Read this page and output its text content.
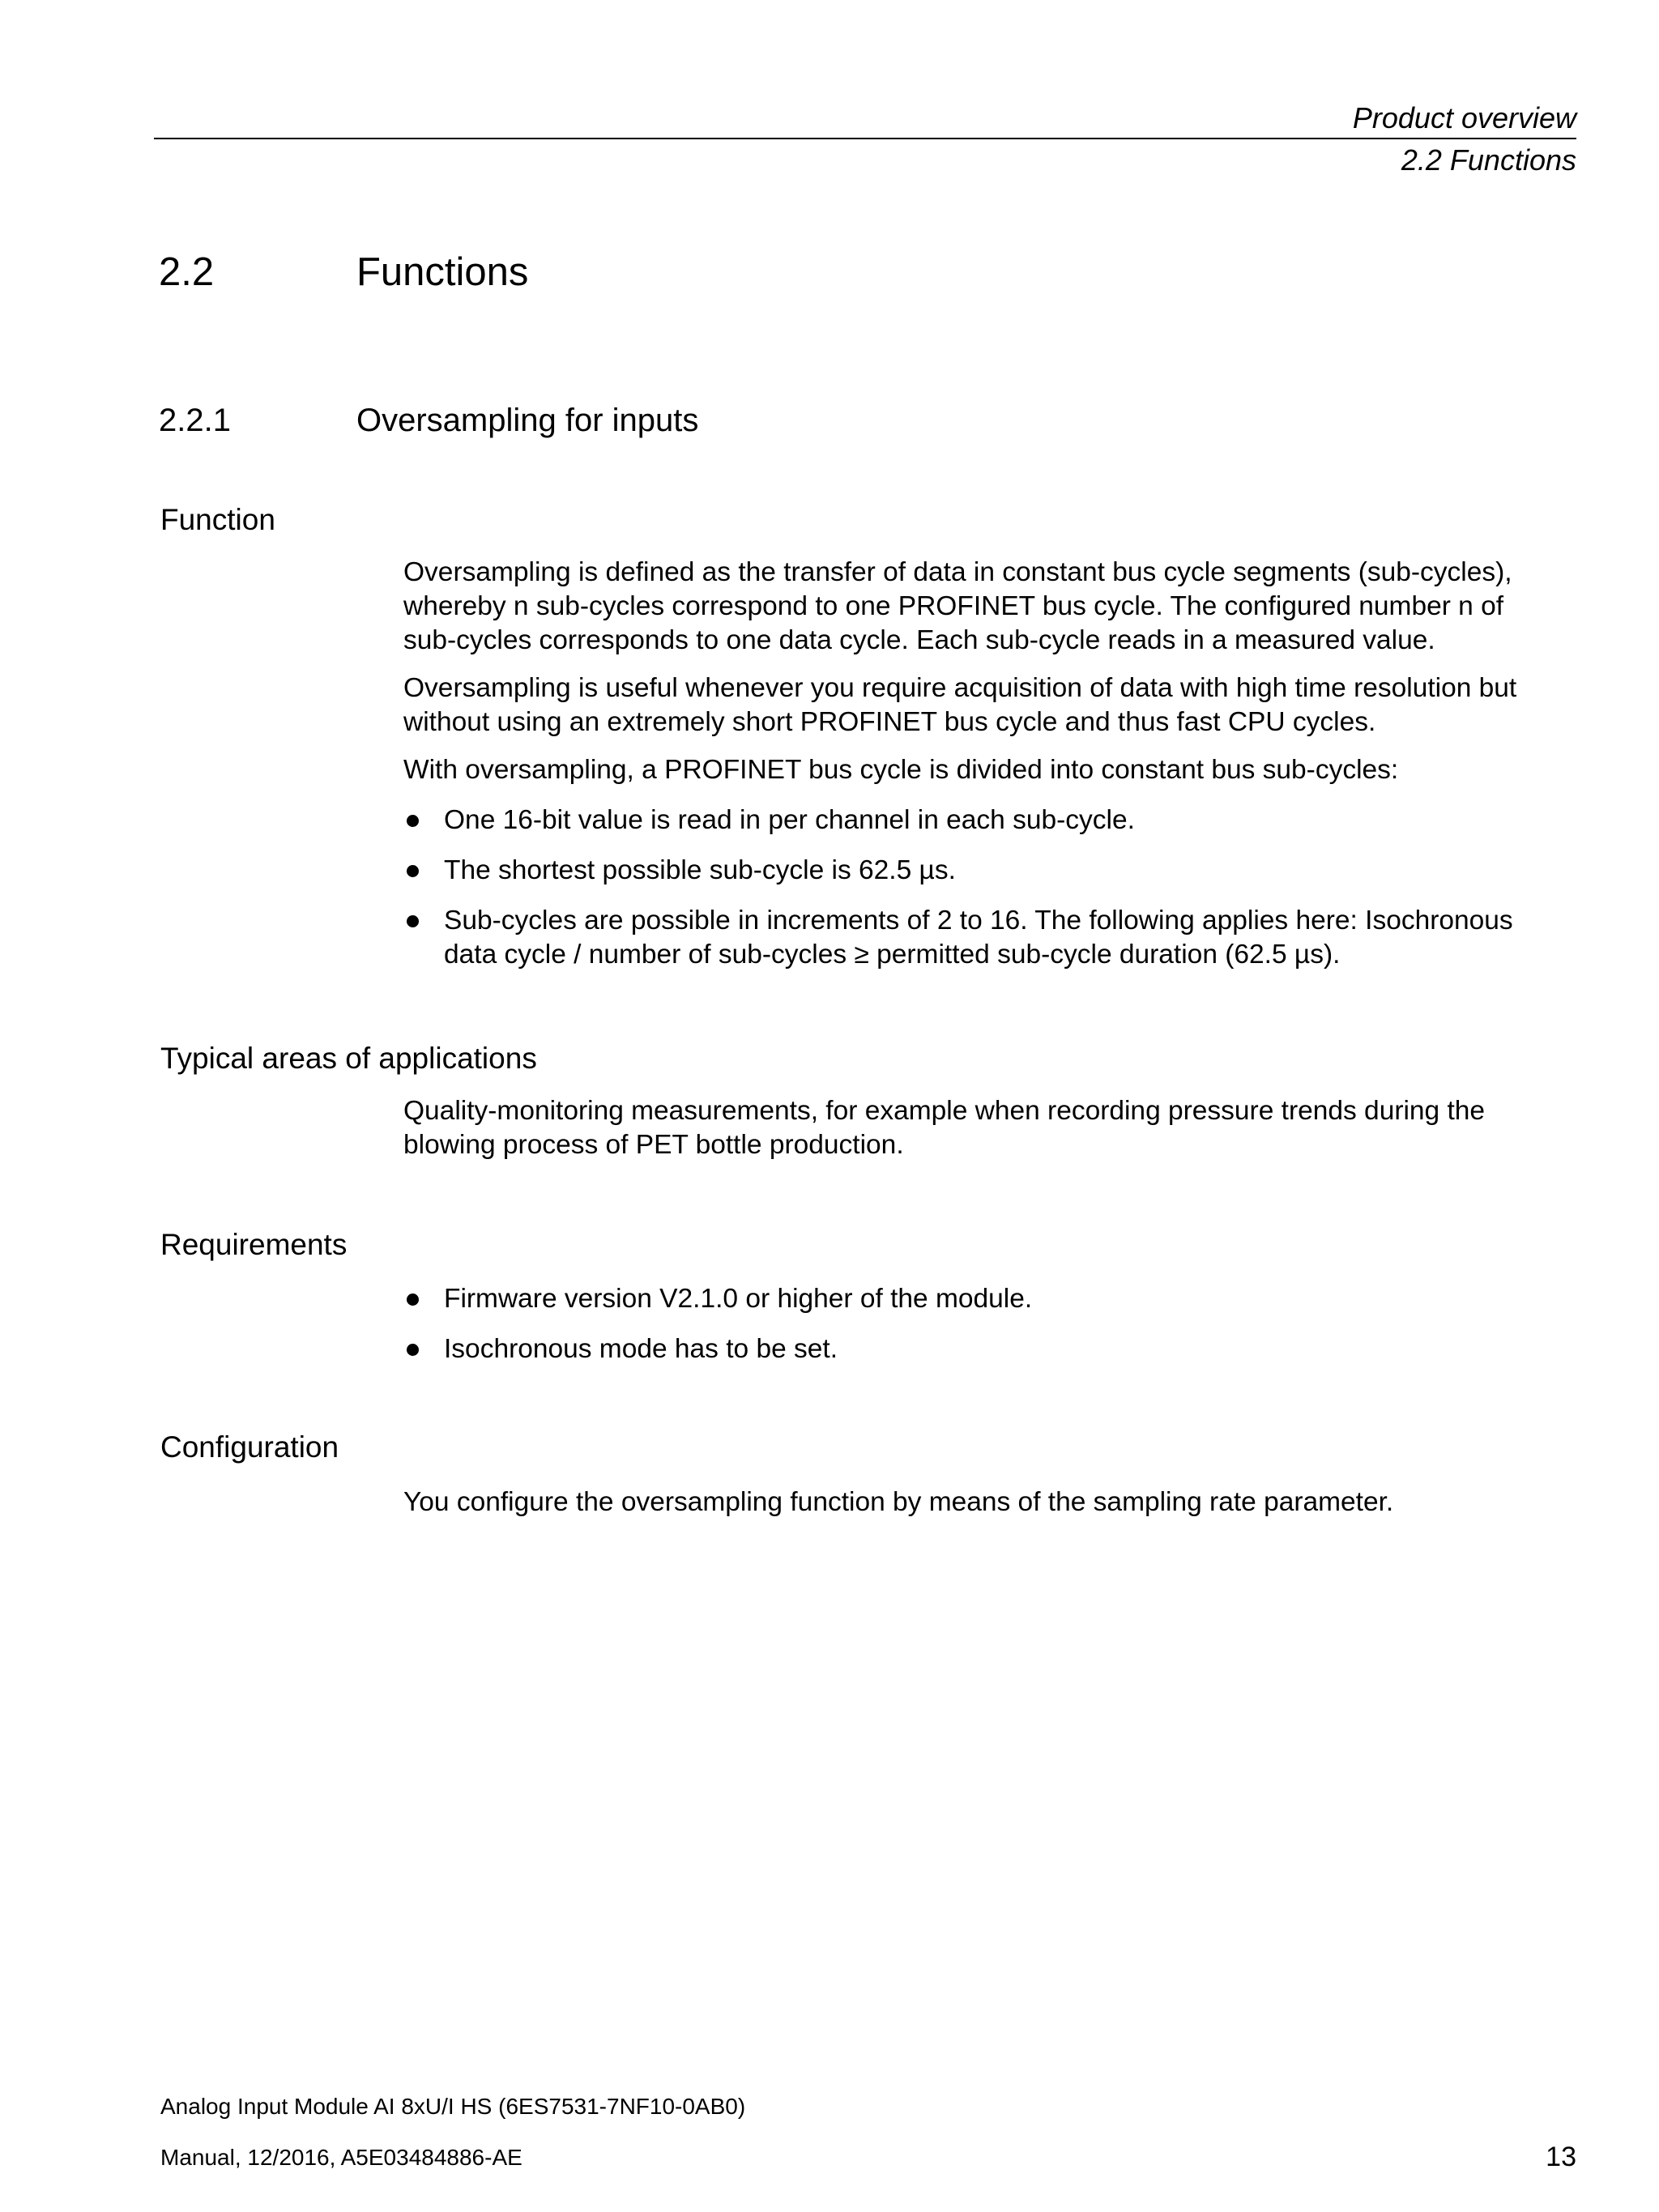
Product overview
2.2 Functions
2.2	Functions
2.2.1	Oversampling for inputs
Function
Oversampling is defined as the transfer of data in constant bus cycle segments (sub-cycles),
whereby n sub-cycles correspond to one PROFINET bus cycle. The configured number n of
sub-cycles corresponds to one data cycle. Each sub-cycle reads in a measured value.
Oversampling is useful whenever you require acquisition of data with high time resolution but
without using an extremely short PROFINET bus cycle and thus fast CPU cycles.
With oversampling, a PROFINET bus cycle is divided into constant bus sub-cycles:
One 16-bit value is read in per channel in each sub-cycle.
The shortest possible sub-cycle is 62.5 µs.
Sub-cycles are possible in increments of 2 to 16. The following applies here: Isochronous
data cycle / number of sub-cycles ≥ permitted sub-cycle duration (62.5 µs).
Typical areas of applications
Quality-monitoring measurements, for example when recording pressure trends during the
blowing process of PET bottle production.
Requirements
Firmware version V2.1.0 or higher of the module.
Isochronous mode has to be set.
Configuration
You configure the oversampling function by means of the sampling rate parameter.
Analog Input Module AI 8xU/I HS (6ES7531-7NF10-0AB0)
Manual, 12/2016, A5E03484886-AE	13
